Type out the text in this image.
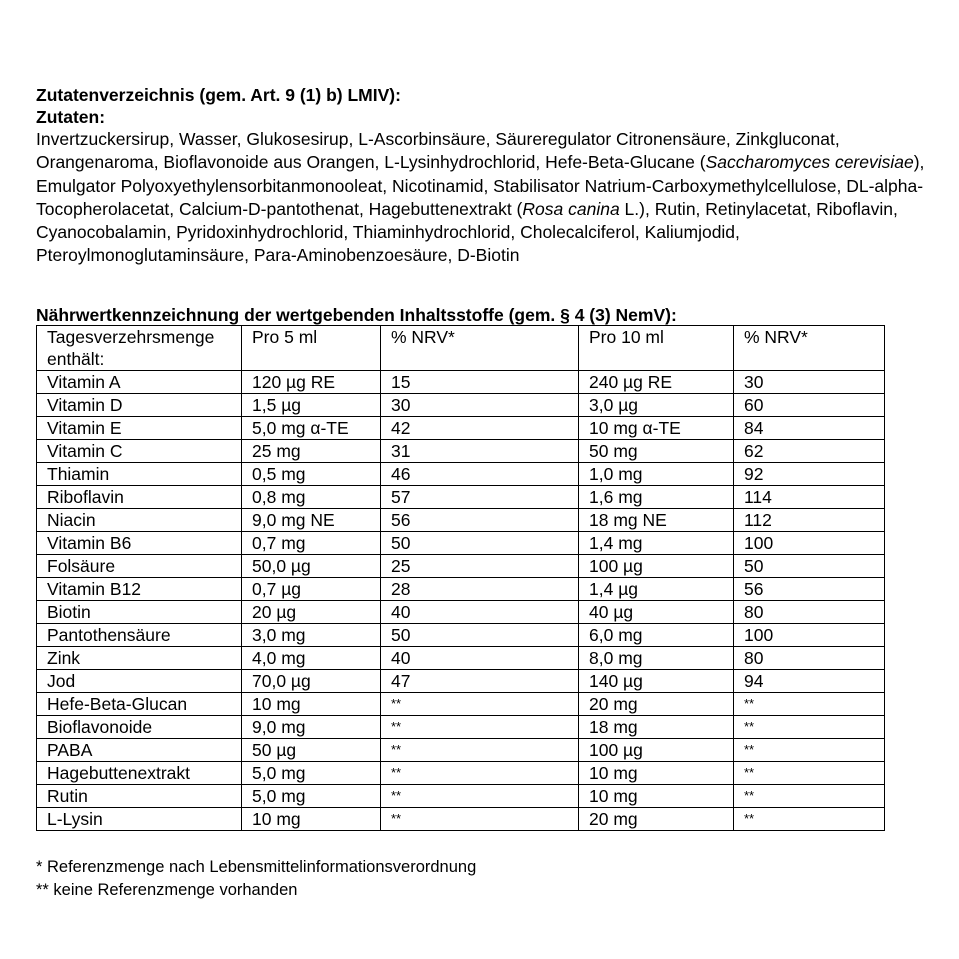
Zutatenverzeichnis (gem. Art. 9 (1) b) LMIV):

Zutaten:

Invertzuckersirup, Wasser, Glukosesirup, L-Ascorbinsäure, Säureregulator Citronensäure, Zinkgluconat, Orangenaroma, Bioflavonoide aus Orangen, L-Lysinhydrochlorid, Hefe-Beta-Glucane (Saccharomyces cerevisiae), Emulgator Polyoxyethylensorbitanmonooleat, Nicotinamid, Stabilisator Natrium-Carboxymethylcellulose, DL-alpha-Tocopherolacetat, Calcium-D-pantothenat, Hagebuttenextrakt (Rosa canina L.), Rutin, Retinylacetat, Riboflavin, Cyanocobalamin, Pyridoxinhydrochlorid, Thiaminhydrochlorid, Cholecalciferol, Kaliumjodid, Pteroylmonoglutaminsäure, Para-Aminobenzoesäure, D-Biotin

Nährwertkennzeichnung der wertgebenden Inhaltsstoffe (gem. § 4 (3) NemV):

Tagesverzehrsmenge enthält:	Pro 5 ml	% NRV*	Pro 10 ml	% NRV*
Vitamin A	120 µg RE	15	240 µg RE	30
Vitamin D	1,5 µg	30	3,0 µg	60
Vitamin E	5,0 mg α-TE	42	10 mg α-TE	84
Vitamin C	25 mg	31	50 mg	62
Thiamin	0,5 mg	46	1,0 mg	92
Riboflavin	0,8 mg	57	1,6 mg	114
Niacin	9,0 mg NE	56	18 mg NE	112
Vitamin B6	0,7 mg	50	1,4 mg	100
Folsäure	50,0 µg	25	100 µg	50
Vitamin B12	0,7 µg	28	1,4 µg	56
Biotin	20 µg	40	40 µg	80
Pantothensäure	3,0 mg	50	6,0 mg	100
Zink	4,0 mg	40	8,0 mg	80
Jod	70,0 µg	47	140 µg	94
Hefe-Beta-Glucan	10 mg	**	20 mg	**
Bioflavonoide	9,0 mg	**	18 mg	**
PABA	50 µg	**	100 µg	**
Hagebuttenextrakt	5,0 mg	**	10 mg	**
Rutin	5,0 mg	**	10 mg	**
L-Lysin	10 mg	**	20 mg	**

* Referenzmenge nach Lebensmittelinformationsverordnung

** keine Referenzmenge vorhanden
